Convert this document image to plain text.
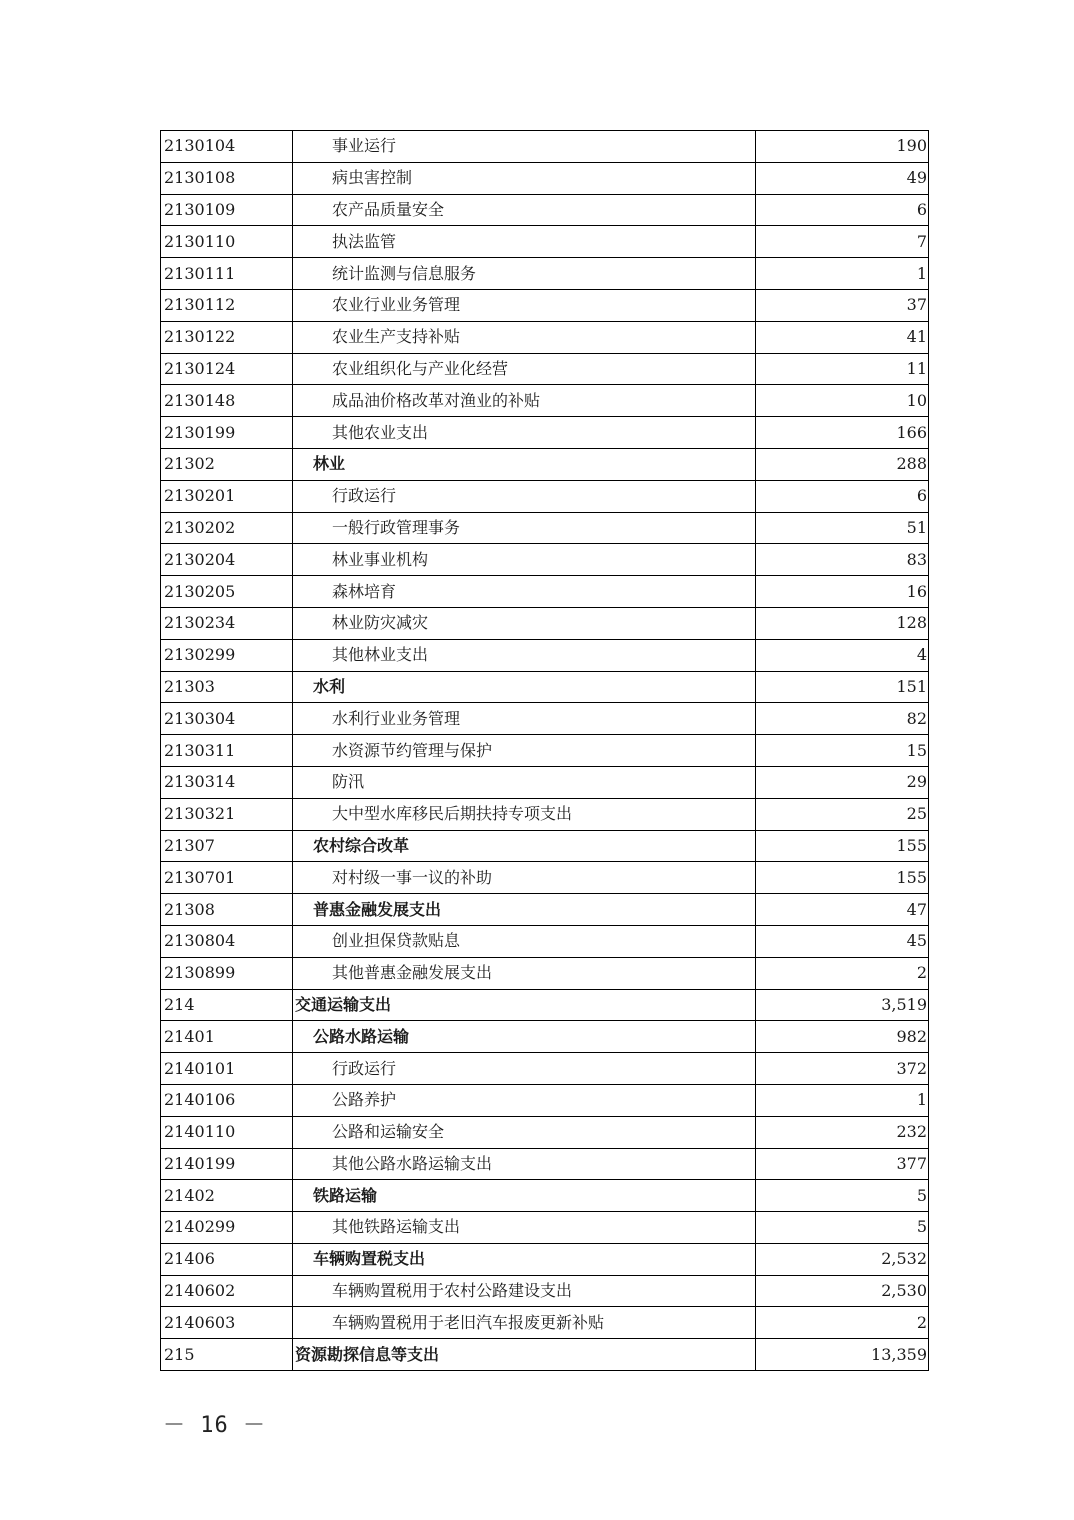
2130104	事业运行	190
2130108	病虫害控制	49
2130109	农产品质量安全	6
2130110	执法监管	7
2130111	统计监测与信息服务	1
2130112	农业行业业务管理	37
2130122	农业生产支持补贴	41
2130124	农业组织化与产业化经营	11
2130148	成品油价格改革对渔业的补贴	10
2130199	其他农业支出	166
21302	林业	288
2130201	行政运行	6
2130202	一般行政管理事务	51
2130204	林业事业机构	83
2130205	森林培育	16
2130234	林业防灾减灾	128
2130299	其他林业支出	4
21303	水利	151
2130304	水利行业业务管理	82
2130311	水资源节约管理与保护	15
2130314	防汛	29
2130321	大中型水库移民后期扶持专项支出	25
21307	农村综合改革	155
2130701	对村级一事一议的补助	155
21308	普惠金融发展支出	47
2130804	创业担保贷款贴息	45
2130899	其他普惠金融发展支出	2
214	交通运输支出	3,519
21401	公路水路运输	982
2140101	行政运行	372
2140106	公路养护	1
2140110	公路和运输安全	232
2140199	其他公路水路运输支出	377
21402	铁路运输	5
2140299	其他铁路运输支出	5
21406	车辆购置税支出	2,532
2140602	车辆购置税用于农村公路建设支出	2,530
2140603	车辆购置税用于老旧汽车报废更新补贴	2
215	资源勘探信息等支出	13,359
－ 16 －
